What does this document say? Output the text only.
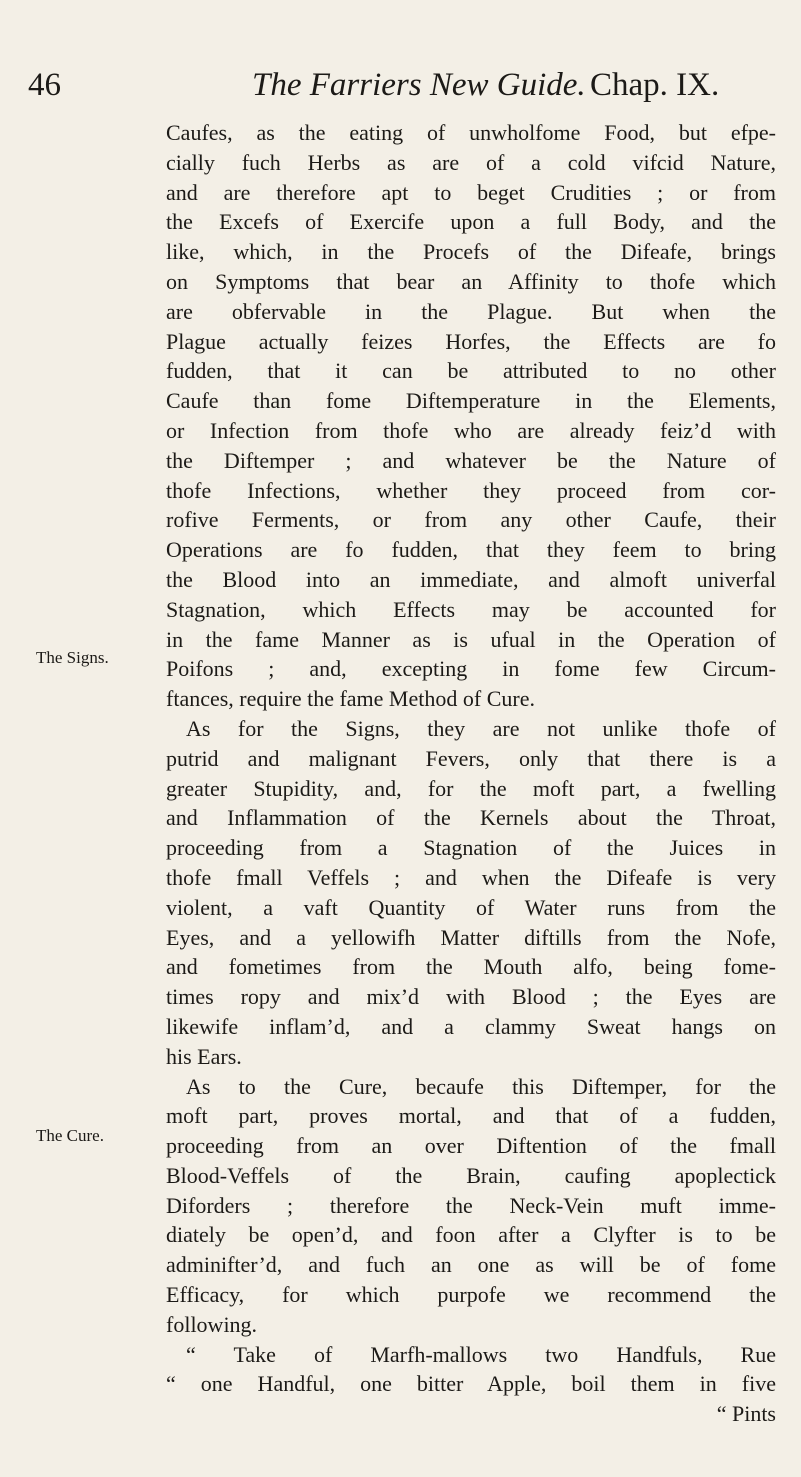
46	The Farriers New Guide. Chap. IX.
The Signs.
The Cure.
Caufes, as the eating of unwholfome Food, but efpe-
cially fuch Herbs as are of a cold vifcid Nature,
and are therefore apt to beget Crudities ; or from
the Excefs of Exercife upon a full Body, and the
like, which, in the Procefs of the Difeafe, brings
on Symptoms that bear an Affinity to thofe which
are obfervable in the Plague. But when the
Plague actually feizes Horfes, the Effects are fo
fudden, that it can be attributed to no other
Caufe than fome Diftemperature in the Elements,
or Infection from thofe who are already feiz’d with
the Diftemper ; and whatever be the Nature of
thofe Infections, whether they proceed from cor-
rofive Ferments, or from any other Caufe, their
Operations are fo fudden, that they feem to bring
the Blood into an immediate, and almoft univerfal
Stagnation, which Effects may be accounted for
in the fame Manner as is ufual in the Operation of
Poifons ; and, excepting in fome few Circum-
ftances, require the fame Method of Cure.
As for the Signs, they are not unlike thofe of
putrid and malignant Fevers, only that there is a
greater Stupidity, and, for the moft part, a fwelling
and Inflammation of the Kernels about the Throat,
proceeding from a Stagnation of the Juices in
thofe fmall Veffels ; and when the Difeafe is very
violent, a vaft Quantity of Water runs from the
Eyes, and a yellowifh Matter diftills from the Nofe,
and fometimes from the Mouth alfo, being fome-
times ropy and mix’d with Blood ; the Eyes are
likewife inflam’d, and a clammy Sweat hangs on
his Ears.
As to the Cure, becaufe this Diftemper, for the
moft part, proves mortal, and that of a fudden,
proceeding from an over Diftention of the fmall
Blood-Veffels of the Brain, caufing apoplectick
Diforders ; therefore the Neck-Vein muft imme-
diately be open’d, and foon after a Clyfter is to be
adminifter’d, and fuch an one as will be of fome
Efficacy, for which purpofe we recommend the
following.
“ Take of Marfh-mallows two Handfuls, Rue
“ one Handful, one bitter Apple, boil them in five
“ Pints
